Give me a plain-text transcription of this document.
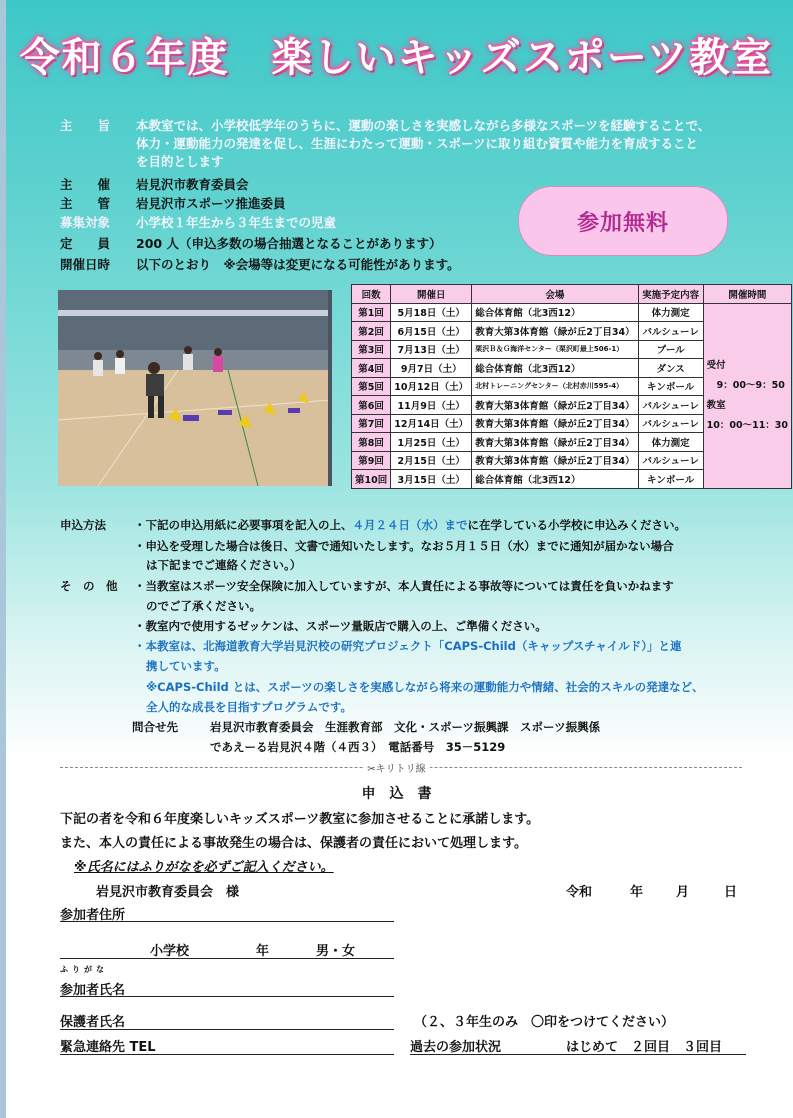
令和６年度　楽しいキッズスポーツ教室
主　　旨	本教室では、小学校低学年のうちに、運動の楽しさを実感しながら多様なスポーツを経験することで、
体力・運動能力の発達を促し、生涯にわたって運動・スポーツに取り組む資質や能力を育成すること
を目的とします
主　　催	岩見沢市教育委員会
主　　管	岩見沢市スポーツ推進委員
募集対象	小学校１年生から３年生までの児童
定　　員	200 人（申込多数の場合抽選となることがあります）
開催日時	以下のとおり　※会場等は変更になる可能性があります。
参加無料
回数	開催日	会場	実施予定内容	開催時間
第1回	5月18日（土）	総合体育館（北3西12）	体力測定	受付
9：00～9：50
教室
10：00～11：30

第2回	6月15日（土）	教育大第3体育館（緑が丘2丁目34）	バルシューレ	
第3回	7月13日（土）	栗沢Ｂ＆Ｇ海洋センター（栗沢町最上506-1）	プール	
第4回	9月7日（土）	総合体育館（北3西12）	ダンス	
第5回	10月12日（土）	北村トレーニングセンター（北村赤川595-4）	キンボール	
第6回	11月9日（土）	教育大第3体育館（緑が丘2丁目34）	バルシューレ	
第7回	12月14日（土）	教育大第3体育館（緑が丘2丁目34）	バルシューレ	
第8回	1月25日（土）	教育大第3体育館（緑が丘2丁目34）	体力測定	
第9回	2月15日（土）	教育大第3体育館（緑が丘2丁目34）	バルシューレ	
第10回	3月15日（土）	総合体育館（北3西12）	キンボール	
申込方法 ・下記の申込用紙に必要事項を記入の上、４月２４日（水）までに在学している小学校に申込みください。
・申込を受理した場合は後日、文書で通知いたします。なお５月１５日（水）までに通知が届かない場合
は下記までご連絡ください。）
そ　の　他 ・当教室はスポーツ安全保険に加入していますが、本人責任による事故等については責任を負いかねます
のでご了承ください。
・教室内で使用するゼッケンは、スポーツ量販店で購入の上、ご準備ください。
・本教室は、北海道教育大学岩見沢校の研究プロジェクト「CAPS-Child（キャップスチャイルド）」と連
携しています。
※CAPS-Child とは、スポーツの楽しさを実感しながら将来の運動能力や情緒、社会的スキルの発達など、
全人的な成長を目指すプログラムです。
問合せ先	岩見沢市教育委員会　生涯教育部　文化・スポーツ振興課　スポーツ振興係
であえーる岩見沢４階（４西３）　電話番号　35－5129
✂キリトリ線
申　込　書
下記の者を令和６年度楽しいキッズスポーツ教室に参加させることに承諾します。
また、本人の責任による事故発生の場合は、保護者の責任において処理します。
※氏名にはふりがなを必ずご記入ください。
岩見沢市教育委員会　様	令和	年	月	日
参加者住所
小学校	年	男・女
ふりがな
参加者氏名
保護者氏名	（２、３年生のみ　〇印をつけてください）
緊急連絡先 TEL	過去の参加状況	はじめて　２回目　３回目
